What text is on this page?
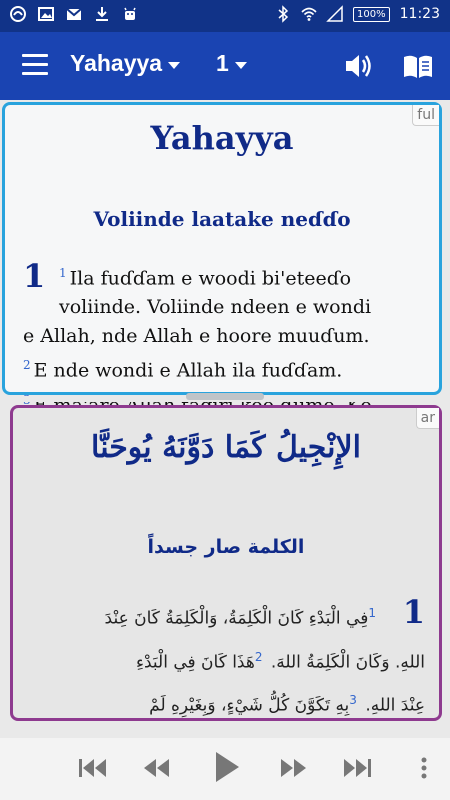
100% 11:23
Yahayya 1
ful
Yahayya
Voliinde laatake neɗɗo
1	$^1$ Ila fuɗɗam e woodi bi'eteeɗo
voliinde. Voliinde ndeen e wondi
e Allah, nde Allah e hoore muuɗum.
$^2$ E nde wondi e Allah ila fuɗɗam.
ar
الإِنْجِيلُ كَمَا دَوَّنَهُ يُوحَنَّا
الكلمة صار جسداً
1
$^1$فِي الْبَدْءِ كَانَ الْكَلِمَةُ، وَالْكَلِمَةُ كَانَ عِنْدَ
اللهِ. وَكَانَ الْكَلِمَةُ اللهَ. $^2$هَذَا كَانَ فِي الْبَدْءِ
عِنْدَ اللهِ. $^3$بِهِ تَكَوَّنَ كُلُّ شَيْءٍ، وَبِغَيْرِهِ لَمْ
